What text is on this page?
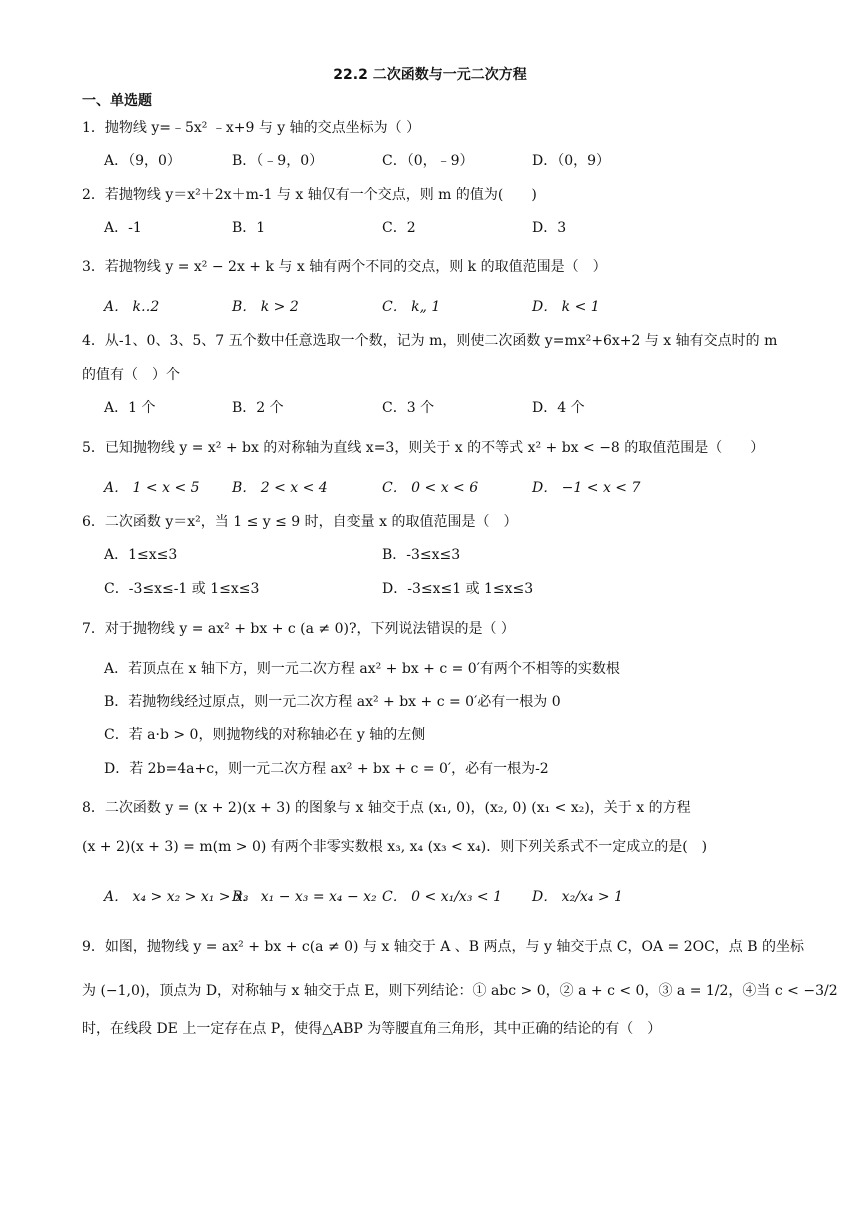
22.2 二次函数与一元二次方程
一、单选题
1．抛物线 y=﹣5x² ﹣x+9 与 y 轴的交点坐标为（ ）
A．（9，0）	B．（﹣9，0）	C．（0，﹣9）	D．（0，9）
2．若抛物线 y＝x²＋2x＋m-1 与 x 轴仅有一个交点，则 m 的值为(　　)
A．-1	B．1	C．2	D．3
3．若抛物线 y = x² − 2x + k 与 x 轴有两个不同的交点，则 k 的取值范围是（　）
A． k‥2	B． k > 2	C． k„ 1	D． k < 1
4．从-1、0、3、5、7 五个数中任意选取一个数，记为 m，则使二次函数 y=mx²+6x+2 与 x 轴有交点时的 m
的值有（　）个
A．1 个	B．2 个	C．3 个	D．4 个
5．已知抛物线 y = x² + bx 的对称轴为直线 x=3，则关于 x 的不等式 x² + bx < −8 的取值范围是（　　）
A． 1 < x < 5 B． 2 < x < 4	C． 0 < x < 6	D． −1 < x < 7
6．二次函数 y＝x²，当 1 ≤ y ≤ 9 时，自变量 x 的取值范围是（　）
A．1≤x≤3	B．-3≤x≤3
C．-3≤x≤-1 或 1≤x≤3	D．-3≤x≤1 或 1≤x≤3
7．对于抛物线 y = ax² + bx + c (a ≠ 0)?，下列说法错误的是（ ）
A．若顶点在 x 轴下方，则一元二次方程 ax² + bx + c = 0′有两个不相等的实数根
B．若抛物线经过原点，则一元二次方程 ax² + bx + c = 0′必有一根为 0
C．若 a·b > 0，则抛物线的对称轴必在 y 轴的左侧
D．若 2b=4a+c，则一元二次方程 ax² + bx + c = 0′，必有一根为-2
8．二次函数 y = (x + 2)(x + 3) 的图象与 x 轴交于点 (x₁, 0)，(x₂, 0) (x₁ < x₂)，关于 x 的方程
(x + 2)(x + 3) = m(m > 0) 有两个非零实数根 x₃, x₄ (x₃ < x₄)．则下列关系式不一定成立的是(　)
A． x₄ > x₂ > x₁ > x₃
B． x₁ − x₃ = x₄ − x₂ C． 0 < x₁/x₃ < 1 D． x₂/x₄ > 1
9．如图，抛物线 y = ax² + bx + c(a ≠ 0) 与 x 轴交于 A 、B 两点，与 y 轴交于点 C，OA = 2OC，点 B 的坐标
为 (−1,0)，顶点为 D，对称轴与 x 轴交于点 E，则下列结论：① abc > 0，② a + c < 0，③ a = 1/2，④当 c < −3/2
时，在线段 DE 上一定存在点 P，使得△ABP 为等腰直角三角形，其中正确的结论的有（　）
